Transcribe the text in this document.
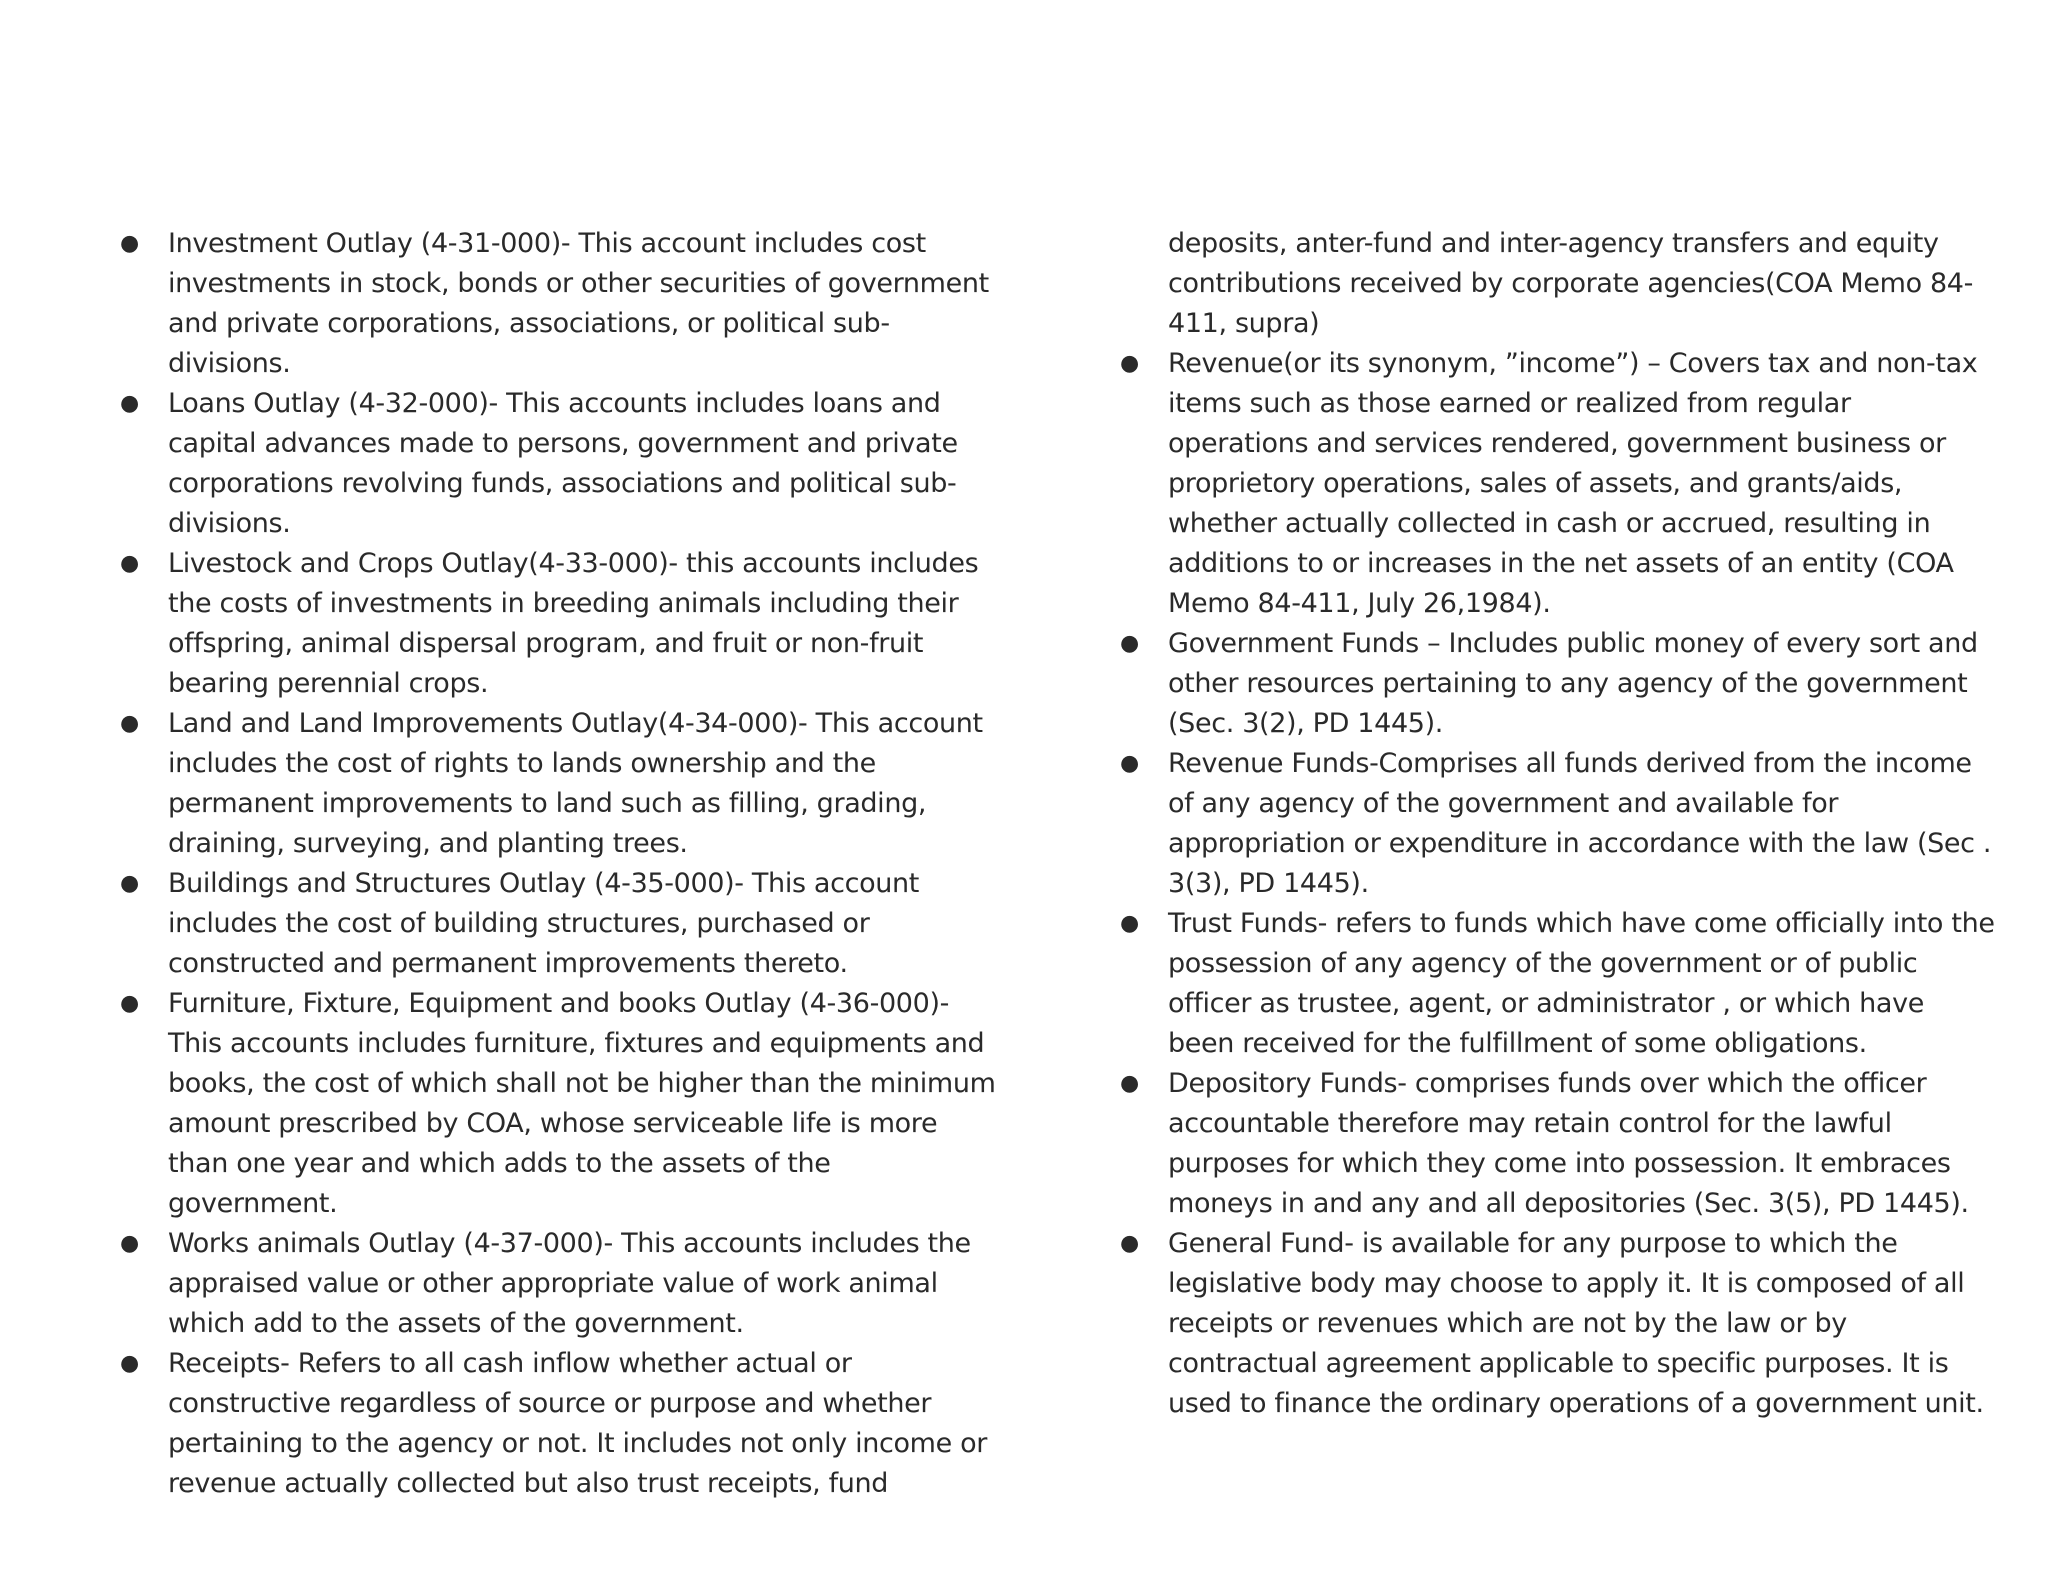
● Investment Outlay (4-31-000)- This account includes cost investments in stock, bonds or other securities of government and private corporations, associations, or political sub-divisions.
● Loans Outlay (4-32-000)- This accounts includes loans and capital advances made to persons, government and private corporations revolving funds, associations and political sub-divisions.
● Livestock and Crops Outlay(4-33-000)- this accounts includes the costs of investments in breeding animals including their offspring, animal dispersal program, and fruit or non-fruit bearing perennial crops.
● Land and Land Improvements Outlay(4-34-000)- This account includes the cost of rights to lands ownership and the permanent improvements to land such as filling, grading, draining, surveying, and planting trees.
● Buildings and Structures Outlay (4-35-000)- This account includes the cost of building structures, purchased or constructed and permanent improvements thereto.
● Furniture, Fixture, Equipment and books Outlay (4-36-000)- This accounts includes furniture, fixtures and equipments and books, the cost of which shall not be higher than the minimum amount prescribed by COA, whose serviceable life is more than one year and which adds to the assets of the government.
● Works animals Outlay (4-37-000)- This accounts includes the appraised value or other appropriate value of work animal which add to the assets of the government.
● Receipts- Refers to all cash inflow whether actual or constructive regardless of source or purpose and whether pertaining to the agency or not. It includes not only income or revenue actually collected but also trust receipts, fund
deposits, anter-fund and inter-agency transfers and equity contributions received by corporate agencies(COA Memo 84-411, supra)
● Revenue(or its synonym, ”income”) – Covers tax and non-tax items such as those earned or realized from regular operations and services rendered, government business or proprietory operations, sales of assets, and grants/aids, whether actually collected in cash or accrued, resulting in additions to or increases in the net assets of an entity (COA Memo 84-411, July 26,1984).
● Government Funds – Includes public money of every sort and other resources pertaining to any agency of the government (Sec. 3(2), PD 1445).
● Revenue Funds-Comprises all funds derived from the income of any agency of the government and available for appropriation or expenditure in accordance with the law (Sec . 3(3), PD 1445).
● Trust Funds- refers to funds which have come officially into the possession of any agency of the government or of public officer as trustee, agent, or administrator , or which have been received for the fulfillment of some obligations.
● Depository Funds- comprises funds over which the officer accountable therefore may retain control for the lawful purposes for which they come into possession. It embraces moneys in and any and all depositories (Sec. 3(5), PD 1445).
● General Fund- is available for any purpose to which the legislative body may choose to apply it. It is composed of all receipts or revenues which are not by the law or by contractual agreement applicable to specific purposes. It is used to finance the ordinary operations of a government unit.
